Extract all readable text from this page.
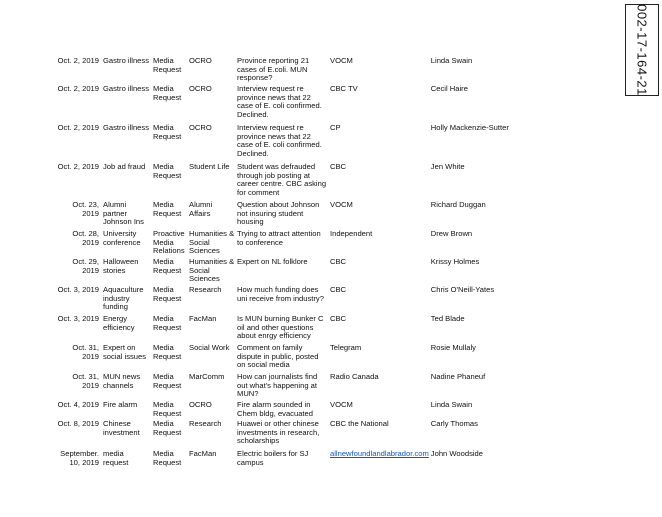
002-17-164-21
Oct. 2, 2019	Gastro illness	Media Request	OCRO	Province reporting 21 cases of E.coli. MUN response?	VOCM	Linda Swain
Oct. 2, 2019	Gastro illness	Media Request	OCRO	Interview request re province news that 22 case of E. coli confirmed. Declined.	CBC TV	Cecil Haire
Oct. 2, 2019	Gastro illness	Media Request	OCRO	Interview request re province news that 22 case of E. coli confirmed. Declined.	CP	Holly Mackenzie-Sutter
Oct. 2, 2019	Job ad fraud	Media Request	Student Life	Student was defrauded through job posting at career centre. CBC asking for comment	CBC	Jen White
Oct. 23, 2019	Alumni partner Johnson Ins	Media Request	Alumni Affairs	Question about Johnson not insuring student housing	VOCM	Richard Duggan
Oct. 28, 2019	University conference	Proactive Media Relations	Humanities & Social Sciences	Trying to attract attention to conference	Independent	Drew Brown
Oct. 29, 2019	Halloween stories	Media Request	Humanities & Social Sciences	Expert on NL folklore	CBC	Krissy Holmes
Oct. 3, 2019	Aquaculture industry funding	Media Request	Research	How much funding does uni receive from industry?	CBC	Chris O'Neill-Yates
Oct. 3, 2019	Energy efficiency	Media Request	FacMan	Is MUN burning Bunker C oil and other questions about enrgy efficiency	CBC	Ted Blade
Oct. 31, 2019	Expert on social issues	Media Request	Social Work	Comment on family dispute in public, posted on social media	Telegram	Rosie Mullaly
Oct. 31, 2019	MUN news channels	Media Request	MarComm	How can journalists find out what's happening at MUN?	Radio Canada	Nadine Phaneuf
Oct. 4, 2019	Fire alarm	Media Request	OCRO	Fire alarm sounded in Chem bldg, evacuated	VOCM	Linda Swain
Oct. 8, 2019	Chinese investment	Media Request	Research	Huawei or other chinese investments in research, scholarships	CBC the National	Carly Thomas
September. 10, 2019	media request	Media Request	FacMan	Electric boilers for SJ campus	allnewfoundlandlabrador.com	John Woodside
